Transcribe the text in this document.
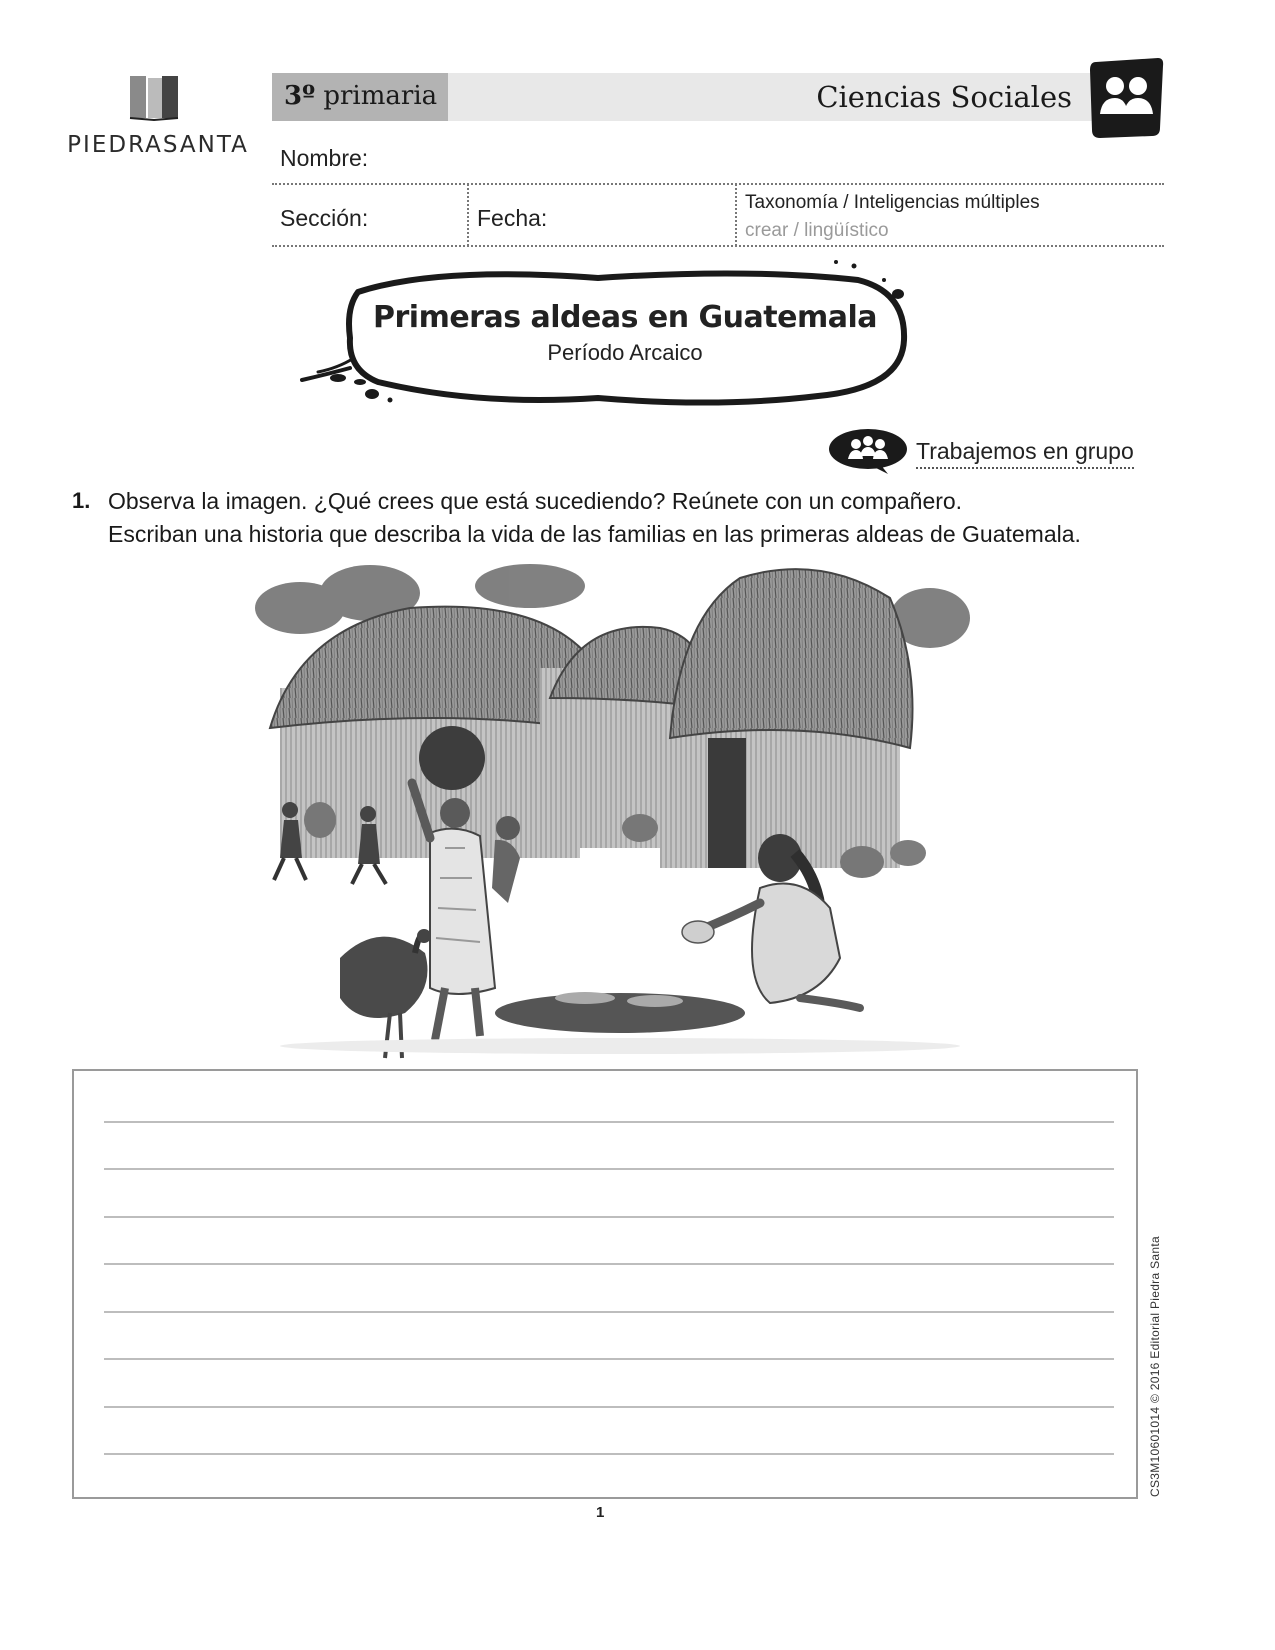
PIEDRASANTA
3º primaria	Ciencias Sociales
Nombre:
Sección:	Fecha:
Taxonomía / Inteligencias múltiples
crear / lingüístico
Primeras aldeas en Guatemala
Período Arcaico
Trabajemos en grupo
1. Observa la imagen. ¿Qué crees que está sucediendo? Reúnete con un compañero.
Escriban una historia que describa la vida de las familias en las primeras aldeas de Guatemala.
CS3M10601014 © 2016 Editorial Piedra Santa
1
